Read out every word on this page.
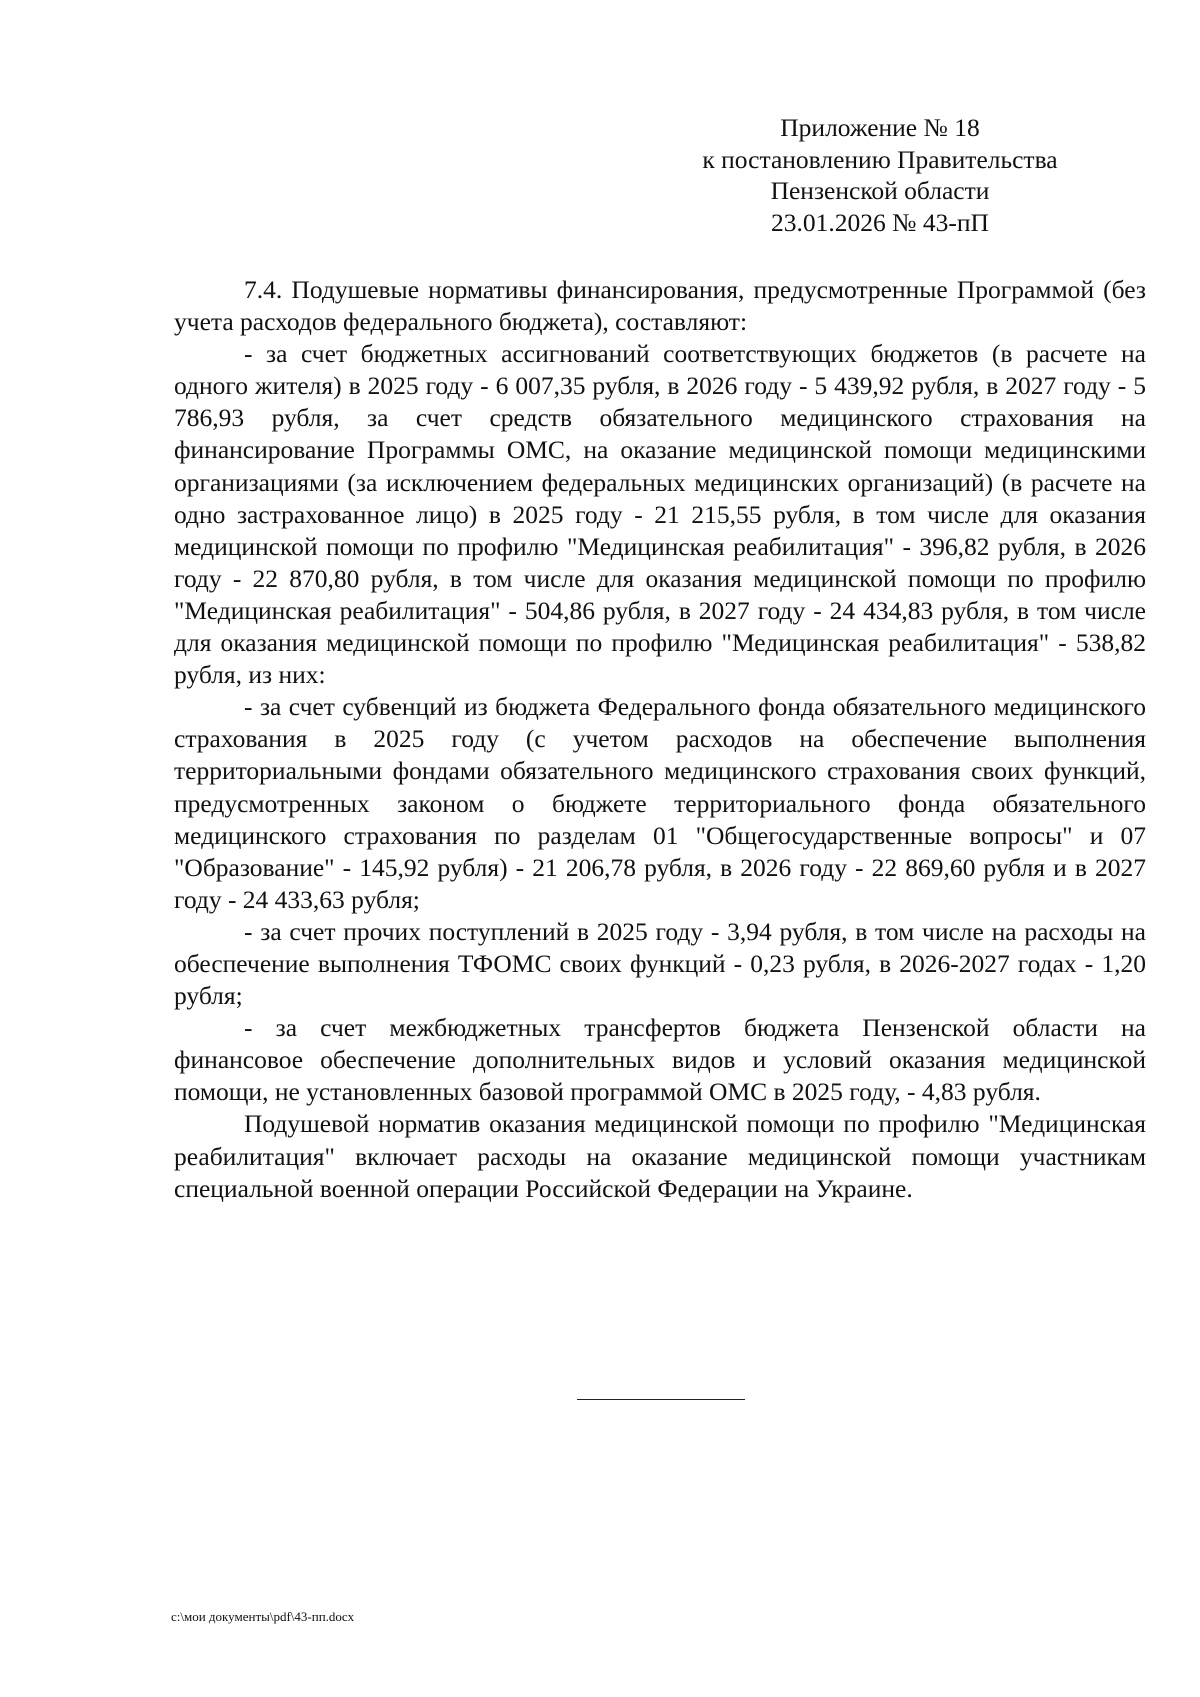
Приложение № 18
к постановлению Правительства
Пензенской области
23.01.2026 № 43-пП

7.4. Подушевые нормативы финансирования, предусмотренные Программой (без учета расходов федерального бюджета), составляют:

- за счет бюджетных ассигнований соответствующих бюджетов (в расчете на одного жителя) в 2025 году - 6 007,35 рубля, в 2026 году - 5 439,92 рубля, в 2027 году - 5 786,93 рубля, за счет средств обязательного медицинского страхования на финансирование Программы ОМС, на оказание медицинской помощи медицинскими организациями (за исключением федеральных медицинских организаций) (в расчете на одно застрахованное лицо) в 2025 году - 21 215,55 рубля, в том числе для оказания медицинской помощи по профилю "Медицинская реабилитация" - 396,82 рубля, в 2026 году - 22 870,80 рубля, в том числе для оказания медицинской помощи по профилю "Медицинская реабилитация" - 504,86 рубля, в 2027 году - 24 434,83 рубля, в том числе для оказания медицинской помощи по профилю "Медицинская реабилитация" - 538,82 рубля, из них:

- за счет субвенций из бюджета Федерального фонда обязательного медицинского страхования в 2025 году (с учетом расходов на обеспечение выполнения территориальными фондами обязательного медицинского страхования своих функций, предусмотренных законом о бюджете территориального фонда обязательного медицинского страхования по разделам 01 "Общегосударственные вопросы" и 07 "Образование" - 145,92 рубля) - 21 206,78 рубля, в 2026 году - 22 869,60 рубля и в 2027 году - 24 433,63 рубля;

- за счет прочих поступлений в 2025 году - 3,94 рубля, в том числе на расходы на обеспечение выполнения ТФОМС своих функций - 0,23 рубля, в 2026-2027 годах - 1,20 рубля;

- за счет межбюджетных трансфертов бюджета Пензенской области на финансовое обеспечение дополнительных видов и условий оказания медицинской помощи, не установленных базовой программой ОМС в 2025 году, - 4,83 рубля.

Подушевой норматив оказания медицинской помощи по профилю "Медицинская реабилитация" включает расходы на оказание медицинской помощи участникам специальной военной операции Российской Федерации на Украине.

c:\мои документы\pdf\43-пп.docx
